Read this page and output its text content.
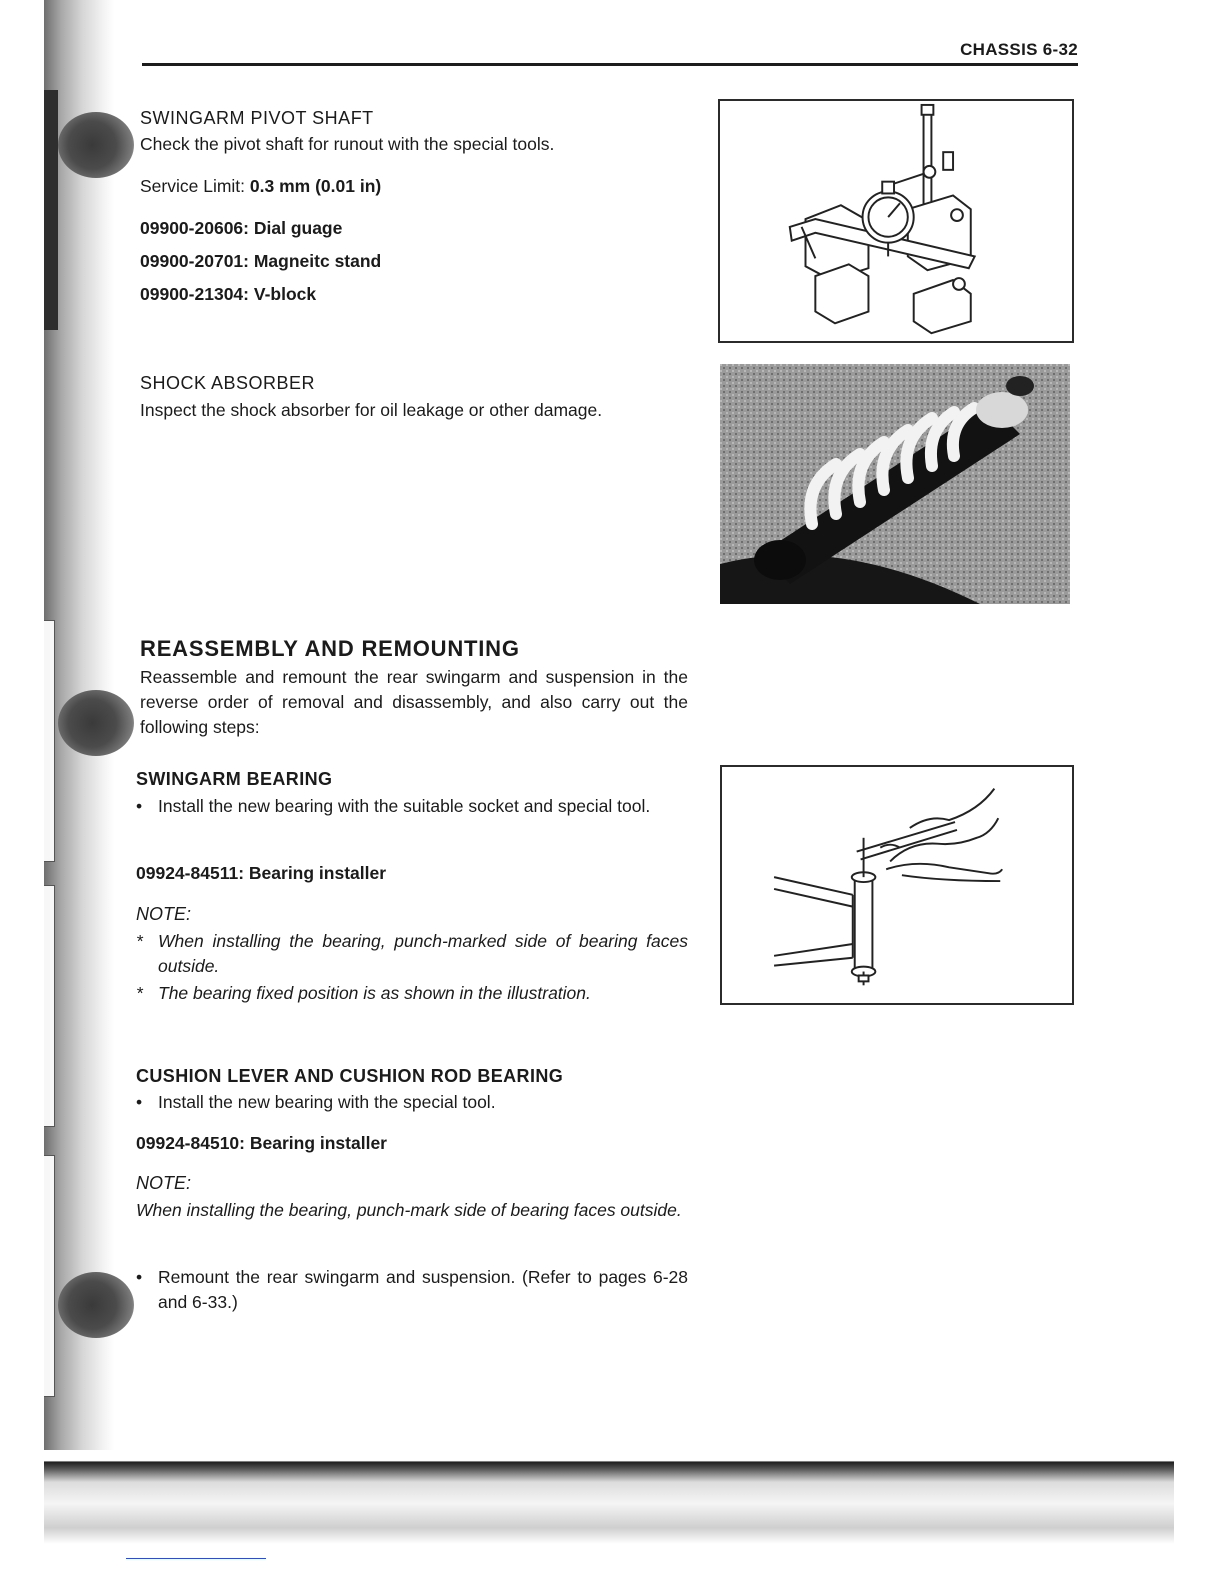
CHASSIS 6-32
SWINGARM PIVOT SHAFT
Check the pivot shaft for runout with the special tools.
Service Limit: 0.3 mm (0.01 in)
09900-20606: Dial guage
09900-20701: Magneitc stand
09900-21304: V-block
SHOCK ABSORBER
Inspect the shock absorber for oil leakage or other damage.
REASSEMBLY AND REMOUNTING
Reassemble and remount the rear swingarm and suspension in the reverse order of removal and disassembly, and also carry out the following steps:
SWINGARM BEARING
• Install the new bearing with the suitable socket and special tool.
09924-84511: Bearing installer
NOTE:
* When installing the bearing, punch-marked side of bearing faces outside.
* The bearing fixed position is as shown in the illustration.
CUSHION LEVER AND CUSHION ROD BEARING
• Install the new bearing with the special tool.
09924-84510: Bearing installer
NOTE:
When installing the bearing, punch-mark side of bearing faces outside.
• Remount the rear swingarm and suspension. (Refer to pages 6-28 and 6-33.)
